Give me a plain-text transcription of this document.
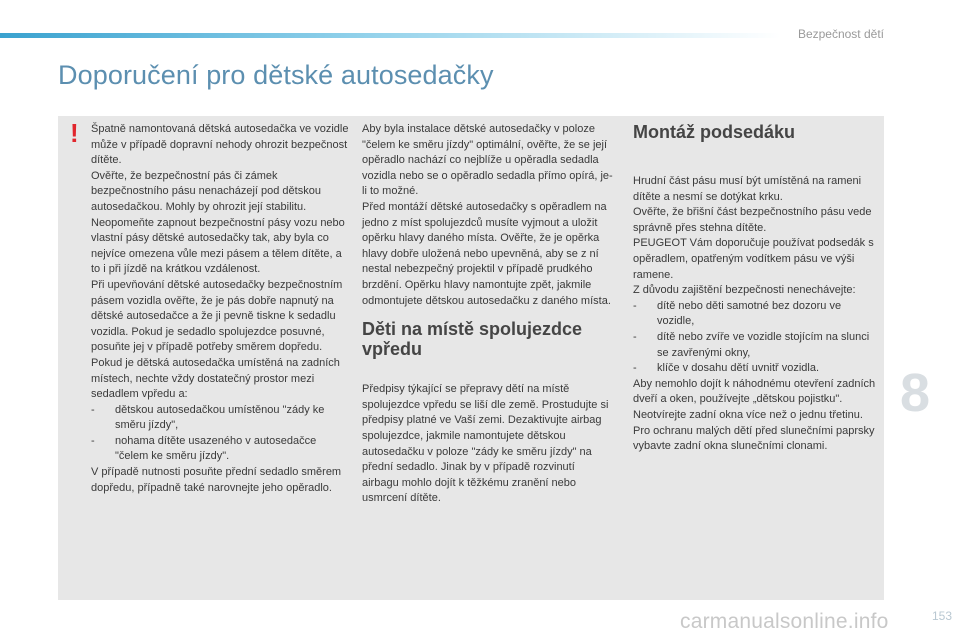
Bezpečnost dětí
Doporučení pro dětské autosedačky
! Špatně namontovaná dětská autosedačka ve vozidle může v případě dopravní nehody ohrozit bezpečnost dítěte.

Ověřte, že bezpečnostní pás či zámek bezpečnostního pásu nenacházejí pod dětskou autosedačkou. Mohly by ohrozit její stabilitu.

Neopomeňte zapnout bezpečnostní pásy vozu nebo vlastní pásy dětské autosedačky tak, aby byla co nejvíce omezena vůle mezi pásem a tělem dítěte, a to i při jízdě na krátkou vzdálenost.

Při upevňování dětské autosedačky bezpečnostním pásem vozidla ověřte, že je pás dobře napnutý na dětské autosedačce a že ji pevně tiskne k sedadlu vozidla. Pokud je sedadlo spolujezdce posuvné, posuňte jej v případě potřeby směrem dopředu.

Pokud je dětská autosedačka umístěná na zadních místech, nechte vždy dostatečný prostor mezi sedadlem vpředu a:

- dětskou autosedačkou umístěnou "zády ke směru jízdy",
- nohama dítěte usazeného v autosedačce "čelem ke směru jízdy".

V případě nutnosti posuňte přední sedadlo směrem dopředu, případně také narovnejte jeho opěradlo.

Aby byla instalace dětské autosedačky v poloze "čelem ke směru jízdy" optimální, ověřte, že se její opěradlo nachází co nejblíže u opěradla sedadla vozidla nebo se o opěradlo sedadla přímo opírá, je-li to možné.

Před montáží dětské autosedačky s opěradlem na jedno z míst spolujezdců musíte vyjmout a uložit opěrku hlavy daného místa. Ověřte, že je opěrka hlavy dobře uložená nebo upevněná, aby se z ní nestal nebezpečný projektil v případě prudkého brzdění. Opěrku hlavy namontujte zpět, jakmile odmontujete dětskou autosedačku z daného místa.

Děti na místě spolujezdce vpředu

Předpisy týkající se přepravy dětí na místě spolujezdce vpředu se liší dle země. Prostudujte si předpisy platné ve Vaší zemi. Dezaktivujte airbag spolujezdce, jakmile namontujete dětskou autosedačku v poloze "zády ke směru jízdy" na přední sedadlo. Jinak by v případě rozvinutí airbagu mohlo dojít k těžkému zranění nebo usmrcení dítěte.

Montáž podsedáku

Hrudní část pásu musí být umístěná na rameni dítěte a nesmí se dotýkat krku.

Ověřte, že břišní část bezpečnostního pásu vede správně přes stehna dítěte.

PEUGEOT Vám doporučuje používat podsedák s opěradlem, opatřeným vodítkem pásu ve výši ramene.

Z důvodu zajištění bezpečnosti nenechávejte:

- dítě nebo děti samotné bez dozoru ve vozidle,
- dítě nebo zvíře ve vozidle stojícím na slunci se zavřenými okny,
- klíče v dosahu dětí uvnitř vozidla.

Aby nemohlo dojít k náhodnému otevření zadních dveří a oken, používejte „dětskou pojistku".

Neotvírejte zadní okna více než o jednu třetinu.

Pro ochranu malých dětí před slunečními paprsky vybavte zadní okna slunečními clonami.

8
carmanualsonline.info	153
